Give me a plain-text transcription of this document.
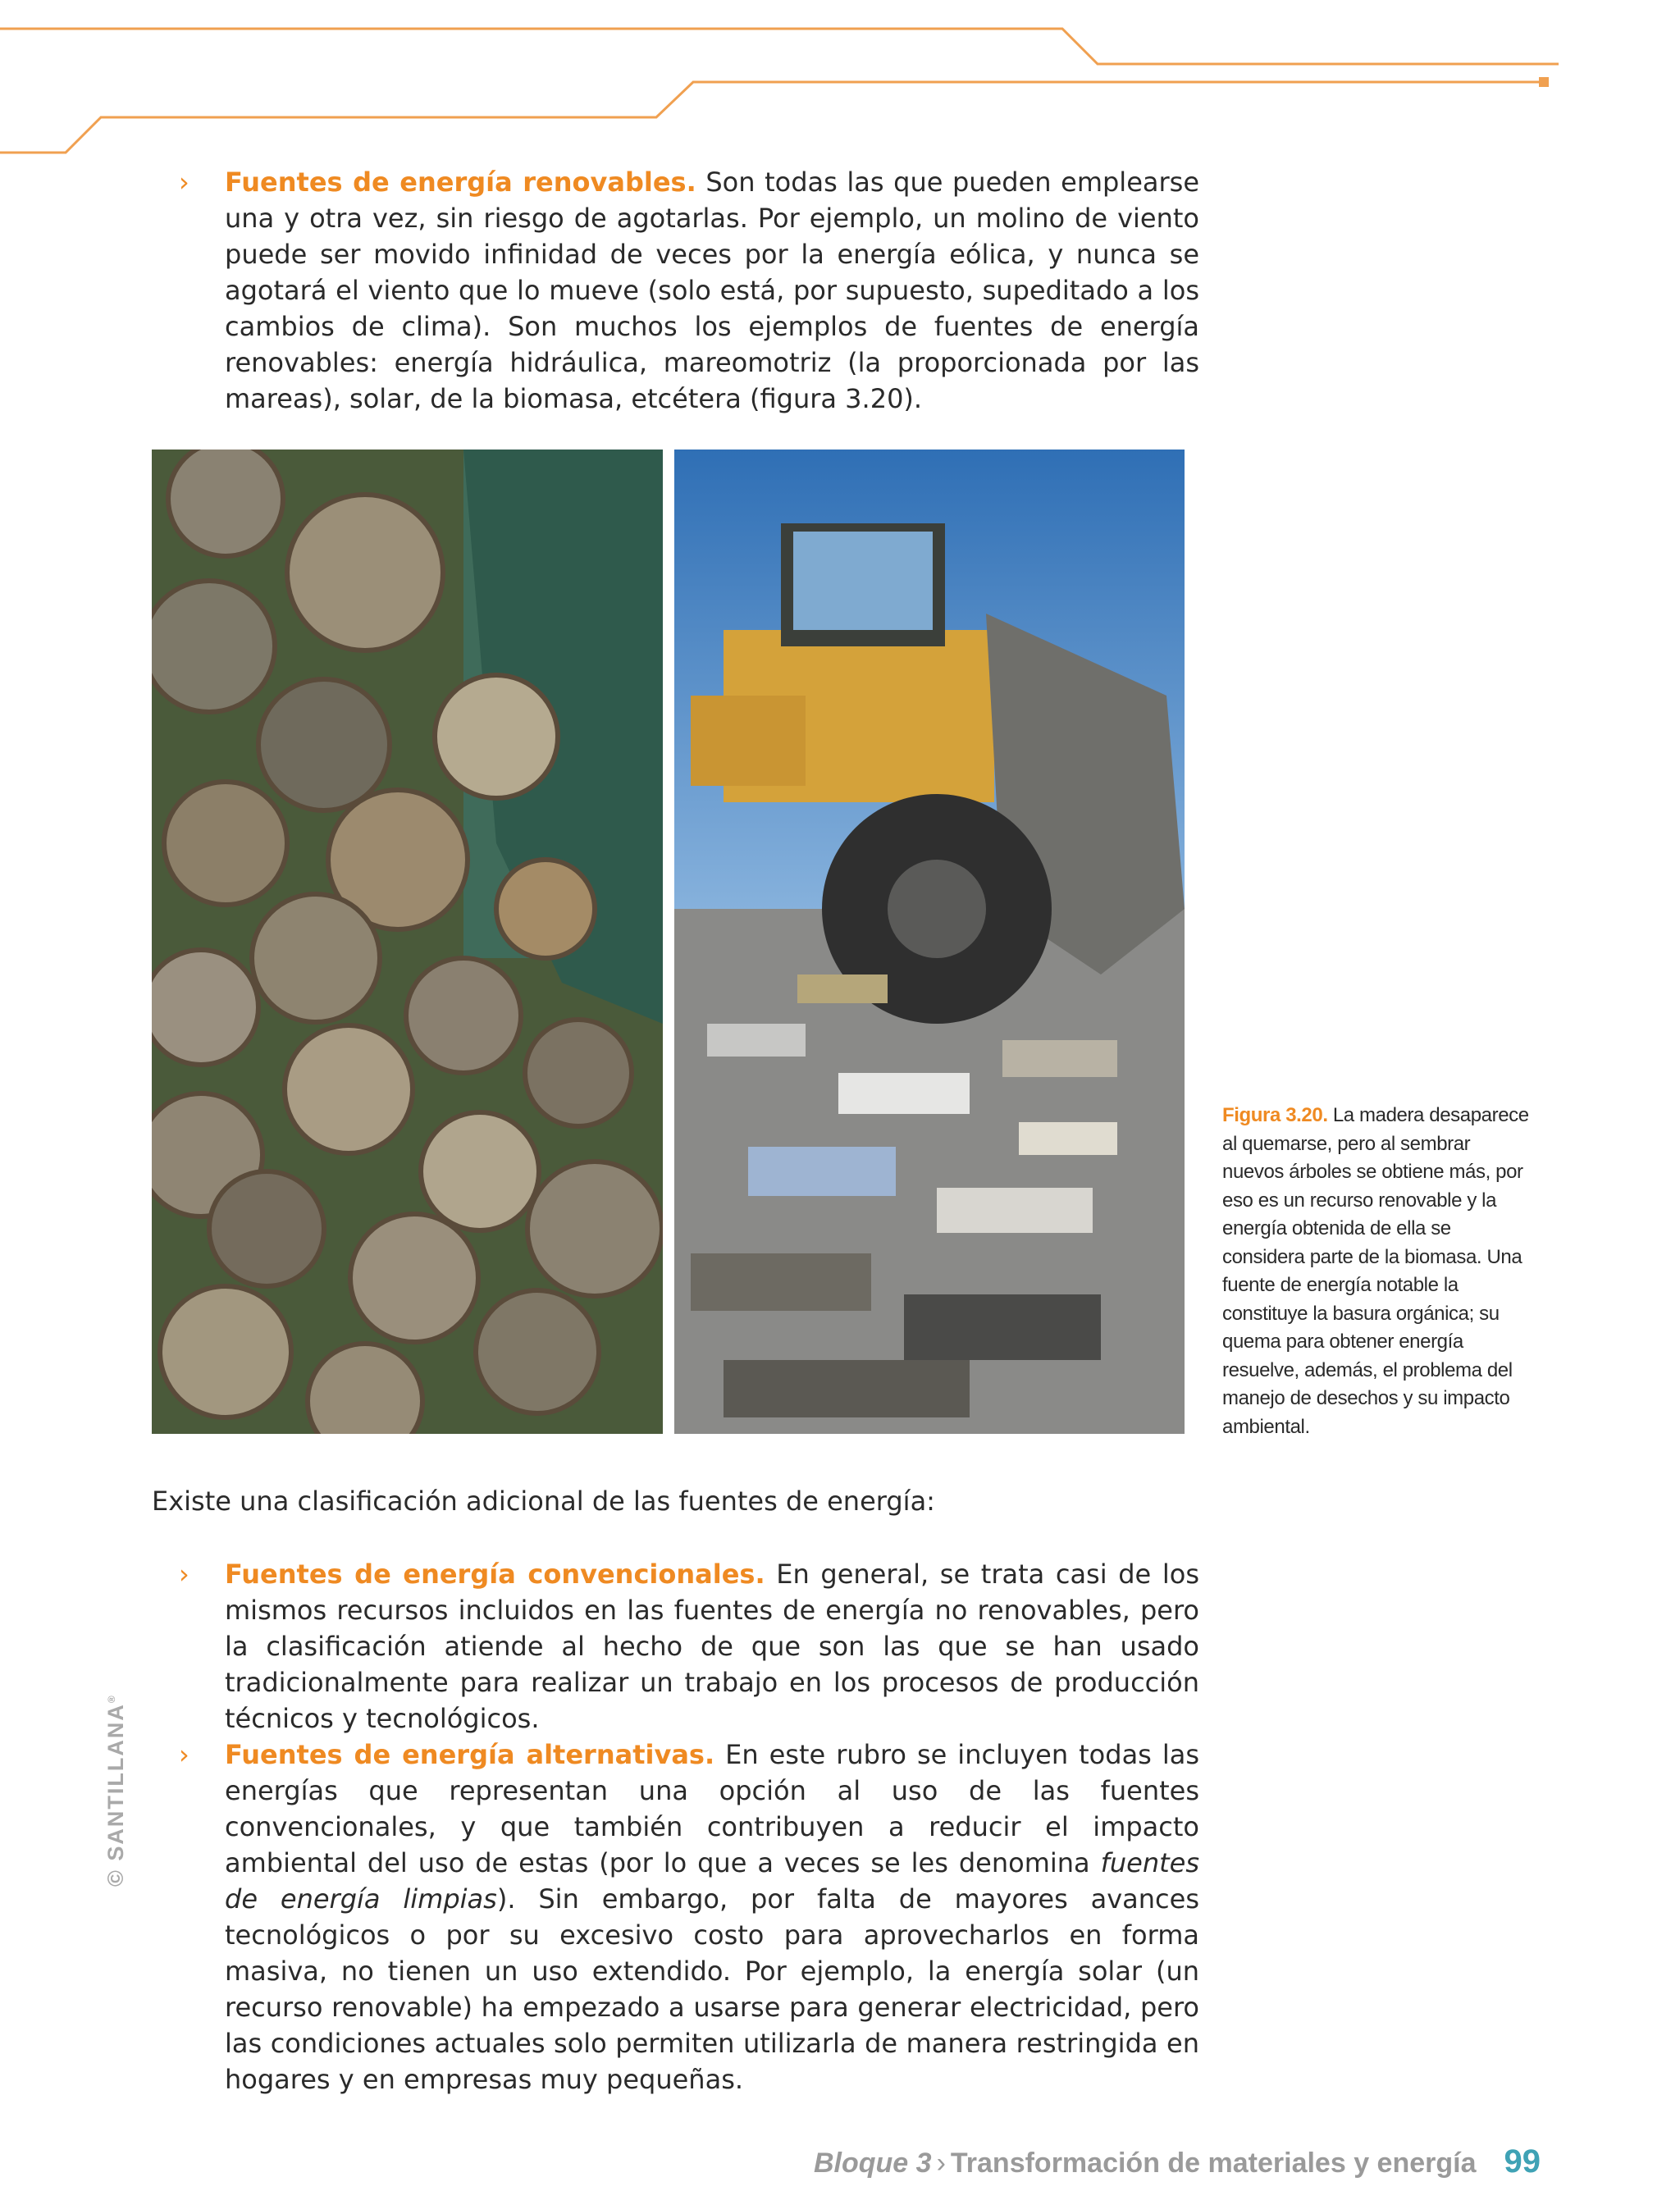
› Fuentes de energía renovables. Son todas las que pueden emplearse una y otra vez, sin riesgo de agotarlas. Por ejemplo, un molino de viento puede ser movido infinidad de veces por la energía eólica, y nunca se agotará el viento que lo mueve (solo está, por supuesto, supeditado a los cambios de clima). Son muchos los ejemplos de fuentes de energía renovables: energía hidráulica, mareomotriz (la proporcionada por las mareas), solar, de la biomasa, etcétera (figura 3.20).
Figura 3.20. La madera desaparece al quemarse, pero al sembrar nuevos árboles se obtiene más, por eso es un recurso renovable y la energía obtenida de ella se considera parte de la biomasa. Una fuente de energía notable la constituye la basura orgánica; su quema para obtener energía resuelve, además, el problema del manejo de desechos y su impacto ambiental.
Existe una clasificación adicional de las fuentes de energía:
› Fuentes de energía convencionales. En general, se trata casi de los mismos recursos incluidos en las fuentes de energía no renovables, pero la clasificación atiende al hecho de que son las que se han usado tradicionalmente para realizar un trabajo en los procesos de producción técnicos y tecnológicos.
› Fuentes de energía alternativas. En este rubro se incluyen todas las energías que representan una opción al uso de las fuentes convencionales, y que también contribuyen a reducir el impacto ambiental del uso de estas (por lo que a veces se les denomina fuentes de energía limpias). Sin embargo, por falta de mayores avances tecnológicos o por su excesivo costo para aprovecharlos en forma masiva, no tienen un uso extendido. Por ejemplo, la energía solar (un recurso renovable) ha empezado a usarse para generar electricidad, pero las condiciones actuales solo permiten utilizarla de manera restringida en hogares y en empresas muy pequeñas.
© SANTILLANA®
Bloque 3 › Transformación de materiales y energía 99
